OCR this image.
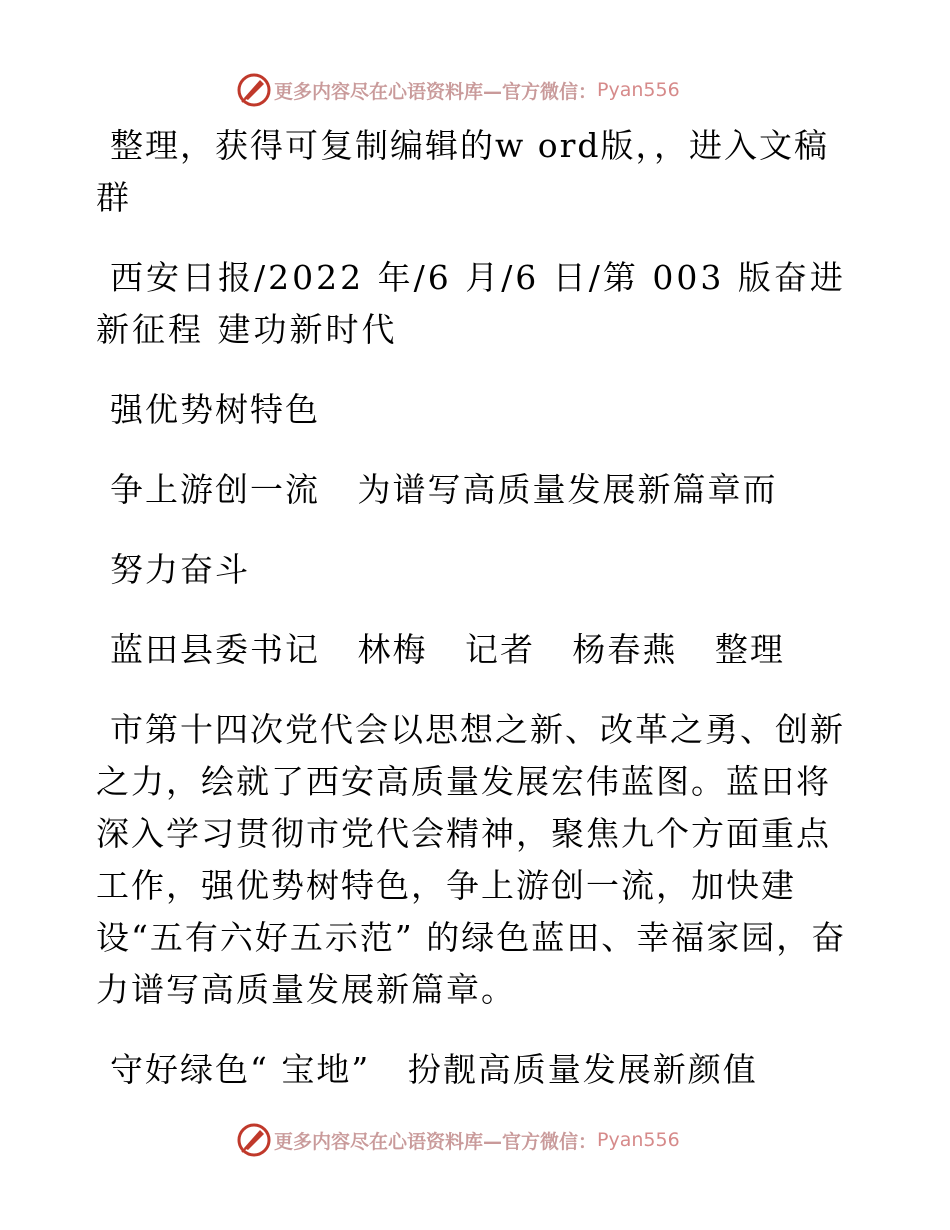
更多内容尽在心语资料库—官方微信： Pyan556

整理，获得可复制编辑的w ord版，，进入文稿群

西安日报/2022 年/6 月/6 日/第 003 版奋进新征程 建功新时代

强优势树特色

争上游创一流   为谱写高质量发展新篇章而

努力奋斗

蓝田县委书记   林梅   记者   杨春燕   整理

市第十四次党代会以思想之新、改革之勇、创新之力，绘就了西安高质量发展宏伟蓝图。蓝田将深入学习贯彻市党代会精神，聚焦九个方面重点工作，强优势树特色，争上游创一流，加快建设“五有六好五示范” 的绿色蓝田、幸福家园，奋力谱写高质量发展新篇章。

守好绿色“ 宝地”   扮靓高质量发展新颜值

更多内容尽在心语资料库—官方微信： Pyan556
